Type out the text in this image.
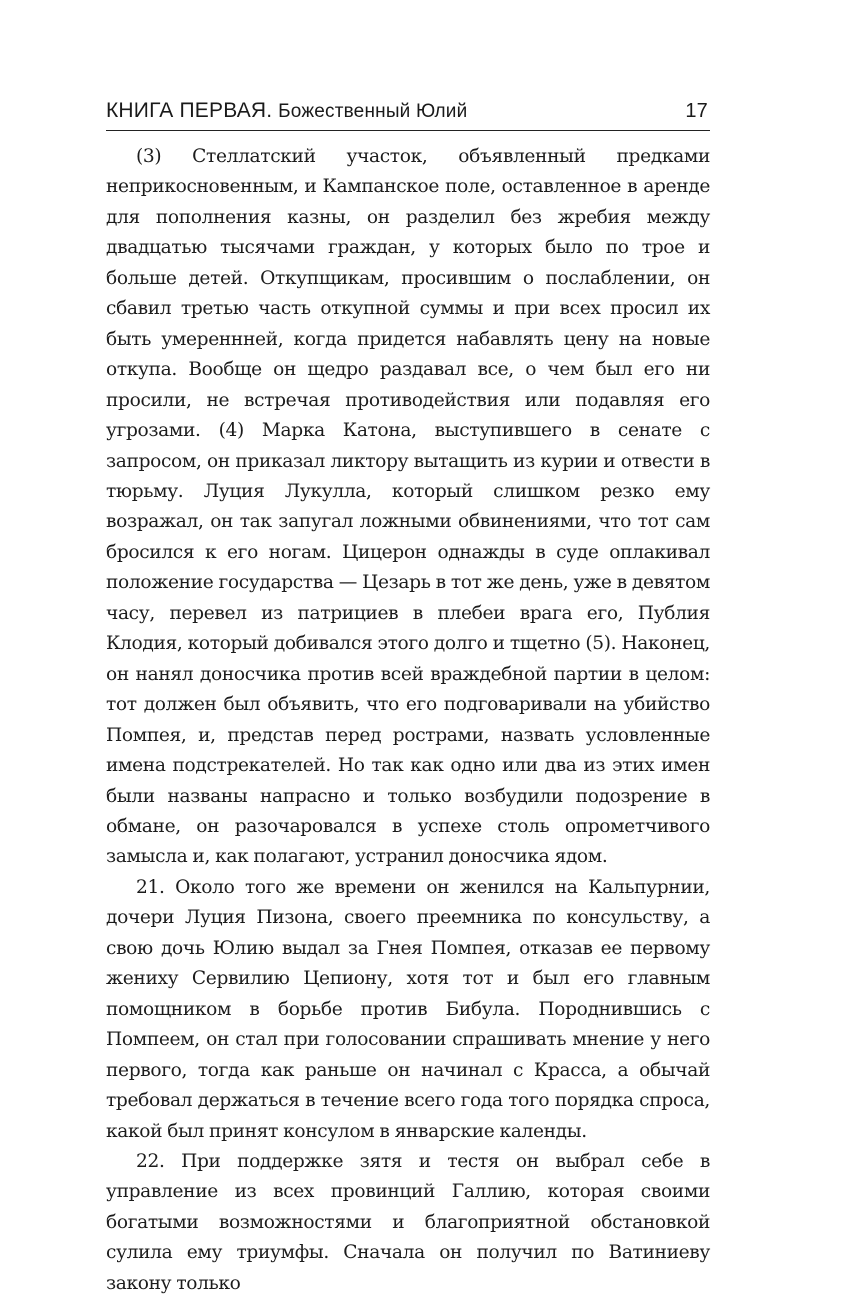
КНИГА ПЕРВАЯ. Божественный Юлий	17

(3) Стеллатский участок, объявленный предками неприкосновенным, и Кампанское поле, оставленное в аренде для пополнения казны, он разделил без жребия между двадцатью тысячами граждан, у которых было по трое и больше детей. Откупщикам, просившим о послаблении, он сбавил третью часть откупной суммы и при всех просил их быть умереннней, когда придется набавлять цену на новые откупа. Вообще он щедро раздавал все, о чем был его ни просили, не встречая противодействия или подавляя его угрозами. (4) Марка Катона, выступившего в сенате с запросом, он приказал ликтору вытащить из курии и отвести в тюрьму. Луция Лукулла, который слишком резко ему возражал, он так запугал ложными обвинениями, что тот сам бросился к его ногам. Цицерон однажды в суде оплакивал положение государства — Цезарь в тот же день, уже в девятом часу, перевел из патрициев в плебеи врага его, Публия Клодия, который добивался этого долго и тщетно (5). Наконец, он нанял доносчика против всей враждебной партии в целом: тот должен был объявить, что его подговаривали на убийство Помпея, и, представ перед рострами, назвать условленные имена подстрекателей. Но так как одно или два из этих имен были названы напрасно и только возбудили подозрение в обмане, он разочаровался в успехе столь опрометчивого замысла и, как полагают, устранил доносчика ядом.

21. Около того же времени он женился на Кальпурнии, дочери Луция Пизона, своего преемника по консульству, а свою дочь Юлию выдал за Гнея Помпея, отказав ее первому жениху Сервилию Цепиону, хотя тот и был его главным помощником в борьбе против Бибула. Породнившись с Помпеем, он стал при голосовании спрашивать мнение у него первого, тогда как раньше он начинал с Красса, а обычай требовал держаться в течение всего года того порядка спроса, какой был принят консулом в январские календы.

22. При поддержке зятя и тестя он выбрал себе в управление из всех провинций Галлию, которая своими богатыми возможностями и благоприятной обстановкой сулила ему триумфы. Сначала он получил по Ватиниеву закону только
